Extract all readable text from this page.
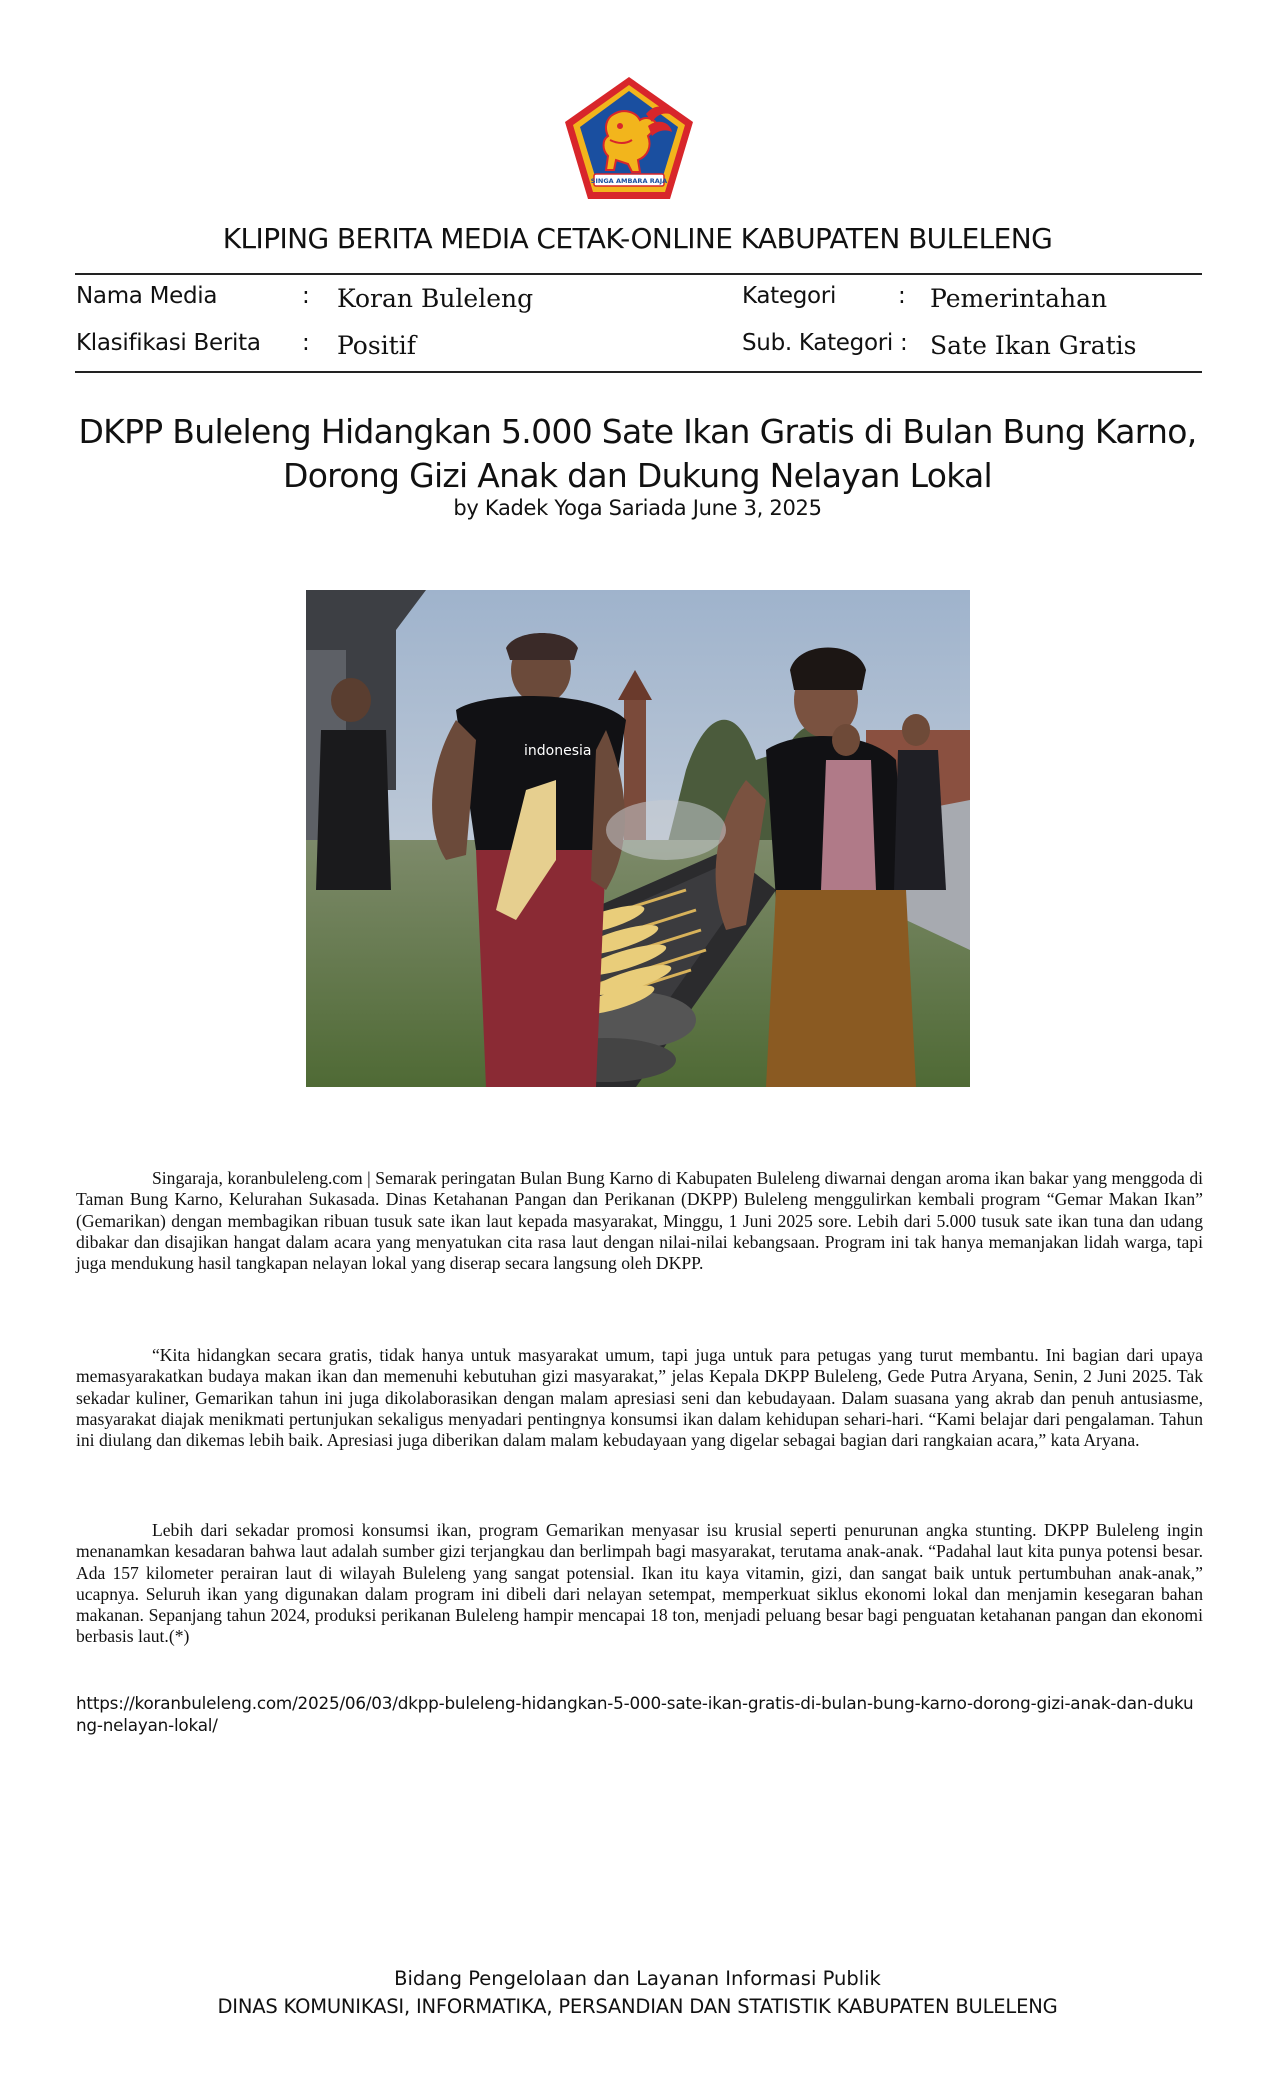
SINGA AMBARA RAJA
KLIPING BERITA MEDIA CETAK-ONLINE KABUPATEN BULELENG
Nama Media	: Koran Buleleng	Kategori	: Pemerintahan
Klasifikasi Berita : Positif	Sub. Kategori : Sate Ikan Gratis
DKPP Buleleng Hidangkan 5.000 Sate Ikan Gratis di Bulan Bung Karno,
Dorong Gizi Anak dan Dukung Nelayan Lokal
by Kadek Yoga Sariada June 3, 2025
indonesia

Singaraja, koranbuleleng.com | Semarak peringatan Bulan Bung Karno di Kabupaten Buleleng diwarnai dengan aroma ikan bakar yang menggoda di Taman Bung Karno, Kelurahan Sukasada. Dinas Ketahanan Pangan dan Perikanan (DKPP) Buleleng menggulirkan kembali program “Gemar Makan Ikan” (Gemarikan) dengan membagikan ribuan tusuk sate ikan laut kepada masyarakat, Minggu, 1 Juni 2025 sore. Lebih dari 5.000 tusuk sate ikan tuna dan udang dibakar dan disajikan hangat dalam acara yang menyatukan cita rasa laut dengan nilai-nilai kebangsaan. Program ini tak hanya memanjakan lidah warga, tapi juga mendukung hasil tangkapan nelayan lokal yang diserap secara langsung oleh DKPP.

“Kita hidangkan secara gratis, tidak hanya untuk masyarakat umum, tapi juga untuk para petugas yang turut membantu. Ini bagian dari upaya memasyarakatkan budaya makan ikan dan memenuhi kebutuhan gizi masyarakat,” jelas Kepala DKPP Buleleng, Gede Putra Aryana, Senin, 2 Juni 2025. Tak sekadar kuliner, Gemarikan tahun ini juga dikolaborasikan dengan malam apresiasi seni dan kebudayaan. Dalam suasana yang akrab dan penuh antusiasme, masyarakat diajak menikmati pertunjukan sekaligus menyadari pentingnya konsumsi ikan dalam kehidupan sehari-hari. “Kami belajar dari pengalaman. Tahun ini diulang dan dikemas lebih baik. Apresiasi juga diberikan dalam malam kebudayaan yang digelar sebagai bagian dari rangkaian acara,” kata Aryana.

Lebih dari sekadar promosi konsumsi ikan, program Gemarikan menyasar isu krusial seperti penurunan angka stunting. DKPP Buleleng ingin menanamkan kesadaran bahwa laut adalah sumber gizi terjangkau dan berlimpah bagi masyarakat, terutama anak-anak. “Padahal laut kita punya potensi besar. Ada 157 kilometer perairan laut di wilayah Buleleng yang sangat potensial. Ikan itu kaya vitamin, gizi, dan sangat baik untuk pertumbuhan anak-anak,” ucapnya. Seluruh ikan yang digunakan dalam program ini dibeli dari nelayan setempat, memperkuat siklus ekonomi lokal dan menjamin kesegaran bahan makanan. Sepanjang tahun 2024, produksi perikanan Buleleng hampir mencapai 18 ton, menjadi peluang besar bagi penguatan ketahanan pangan dan ekonomi berbasis laut.(*)

https://koranbuleleng.com/2025/06/03/dkpp-buleleng-hidangkan-5-000-sate-ikan-gratis-di-bulan-bung-karno-dorong-gizi-anak-dan-dukung-nelayan-lokal/
Bidang Pengelolaan dan Layanan Informasi Publik
DINAS KOMUNIKASI, INFORMATIKA, PERSANDIAN DAN STATISTIK KABUPATEN BULELENG
